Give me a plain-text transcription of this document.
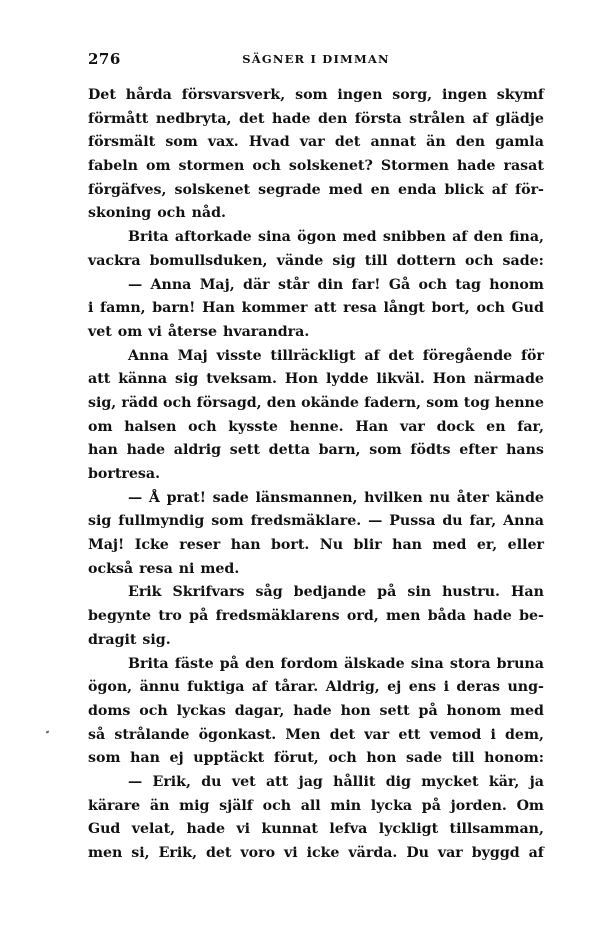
276	SÄGNER I DIMMAN
Det hårda försvarsverk, som ingen sorg, ingen skymf
förmått nedbryta, det hade den första strålen af glädje
försmält som vax. Hvad var det annat än den gamla
fabeln om stormen och solskenet? Stormen hade rasat
förgäfves, solskenet segrade med en enda blick af för-
skoning och nåd.
Brita aftorkade sina ögon med snibben af den fina,
vackra bomullsduken, vände sig till dottern och sade:
— Anna Maj, där står din far! Gå och tag honom
i famn, barn! Han kommer att resa långt bort, och Gud
vet om vi återse hvarandra.
Anna Maj visste tillräckligt af det föregående för
att känna sig tveksam. Hon lydde likväl. Hon närmade
sig, rädd och försagd, den okände fadern, som tog henne
om halsen och kysste henne. Han var dock en far,
han hade aldrig sett detta barn, som födts efter hans
bortresa.
— Å prat! sade länsmannen, hvilken nu åter kände
sig fullmyndig som fredsmäklare. — Pussa du far, Anna
Maj! Icke reser han bort. Nu blir han med er, eller
också resa ni med.
Erik Skrifvars såg bedjande på sin hustru. Han
begynte tro på fredsmäklarens ord, men båda hade be-
dragit sig.
Brita fäste på den fordom älskade sina stora bruna
ögon, ännu fuktiga af tårar. Aldrig, ej ens i deras ung-
doms och lyckas dagar, hade hon sett på honom med
så strålande ögonkast. Men det var ett vemod i dem,
som han ej upptäckt förut, och hon sade till honom:
— Erik, du vet att jag hållit dig mycket kär, ja
kärare än mig själf och all min lycka på jorden. Om
Gud velat, hade vi kunnat lefva lyckligt tillsamman,
men si, Erik, det voro vi icke värda. Du var byggd af
